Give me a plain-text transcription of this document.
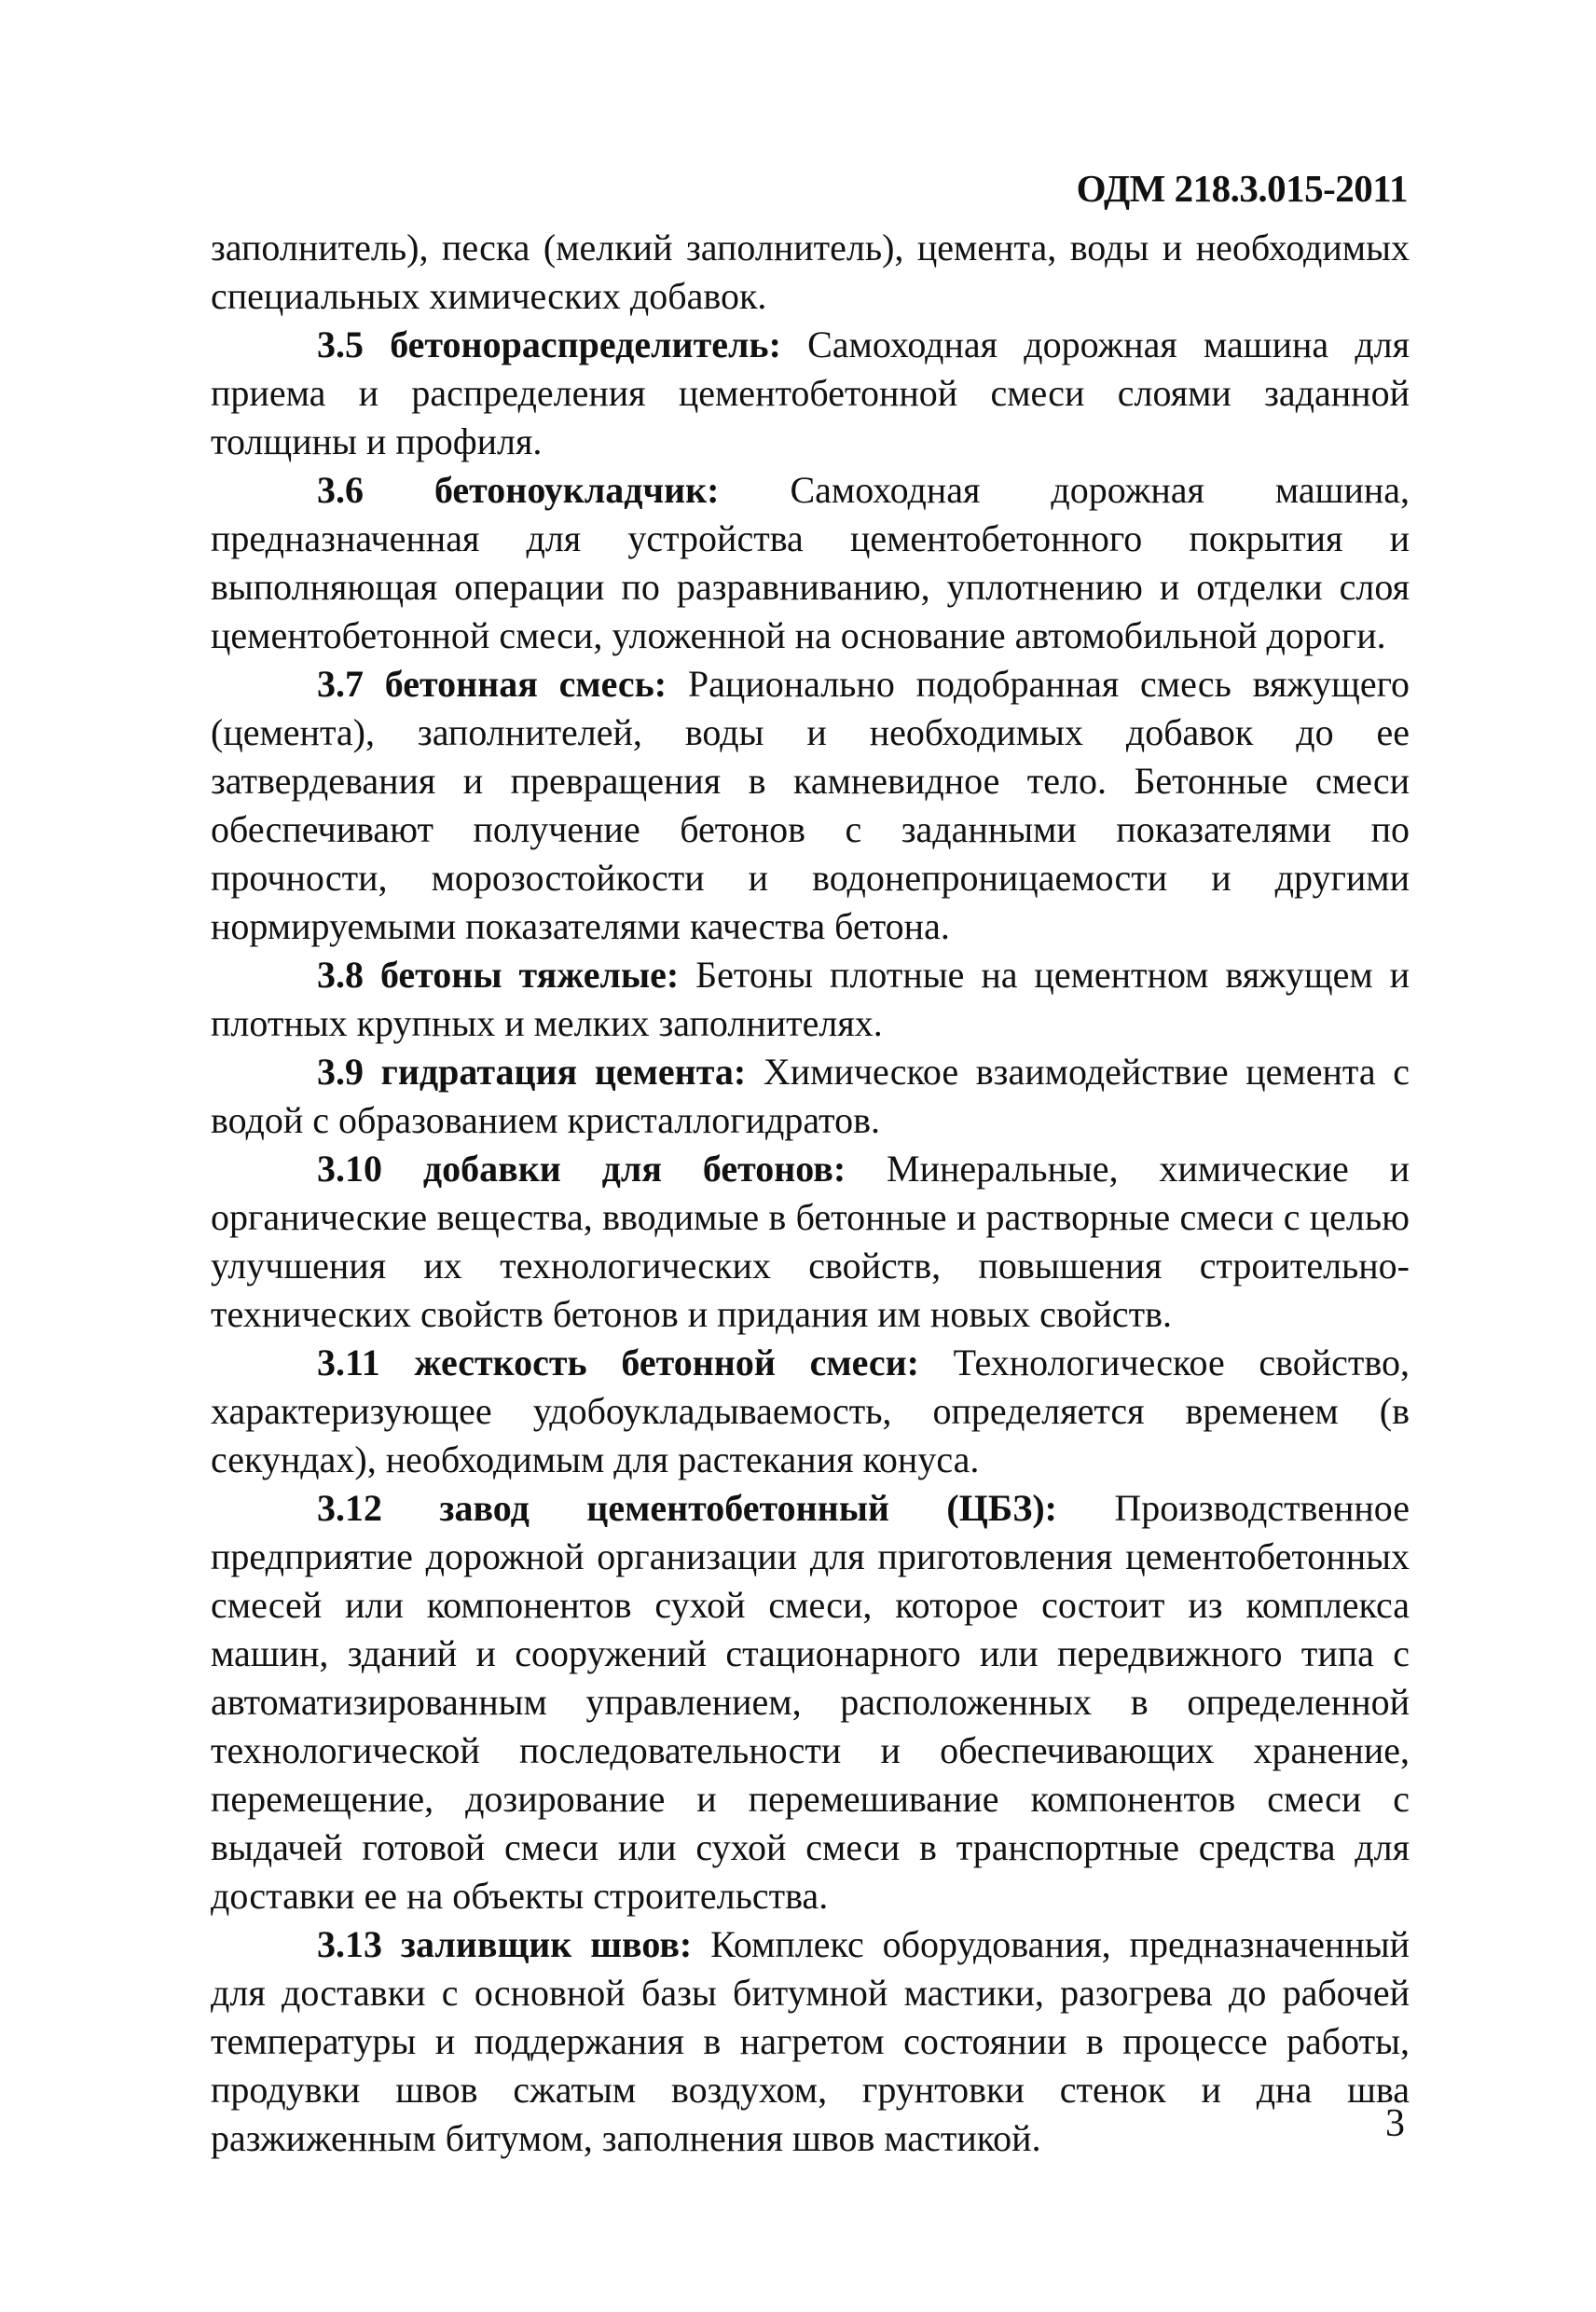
ОДМ 218.3.015-2011

заполнитель), песка (мелкий заполнитель), цемента, воды и необходимых специальных химических добавок.

3.5 бетонораспределитель: Самоходная дорожная машина для приема и распределения цементобетонной смеси слоями заданной толщины и профиля.

3.6 бетоноукладчик: Самоходная дорожная машина, предназначенная для устройства цементобетонного покрытия и выполняющая операции по разравниванию, уплотнению и отделки слоя цементобетонной смеси, уложенной на основание автомобильной дороги.

3.7 бетонная смесь: Рационально подобранная смесь вяжущего (цемента), заполнителей, воды и необходимых добавок до ее затвердевания и превращения в камневидное тело. Бетонные смеси обеспечивают получение бетонов с заданными показателями по прочности, морозостойкости и водонепроницаемости и другими нормируемыми показателями качества бетона.

3.8 бетоны тяжелые: Бетоны плотные на цементном вяжущем и плотных крупных и мелких заполнителях.

3.9 гидратация цемента: Химическое взаимодействие цемента с водой с образованием кристаллогидратов.

3.10 добавки для бетонов: Минеральные, химические и органические вещества, вводимые в бетонные и растворные смеси с целью улучшения их технологических свойств, повышения строительно-технических свойств бетонов и придания им новых свойств.

3.11 жесткость бетонной смеси: Технологическое свойство, характеризующее удобоукладываемость, определяется временем (в секундах), необходимым для растекания конуса.

3.12 завод цементобетонный (ЦБЗ): Производственное предприятие дорожной организации для приготовления цементобетонных смесей или компонентов сухой смеси, которое состоит из комплекса машин, зданий и сооружений стационарного или передвижного типа с автоматизированным управлением, расположенных в определенной технологической последовательности и обеспечивающих хранение, перемещение, дозирование и перемешивание компонентов смеси с выдачей готовой смеси или сухой смеси в транспортные средства для доставки ее на объекты строительства.

3.13 заливщик швов: Комплекс оборудования, предназначенный для доставки с основной базы битумной мастики, разогрева до рабочей температуры и поддержания в нагретом состоянии в процессе работы, продувки швов сжатым воздухом, грунтовки стенок и дна шва разжиженным битумом, заполнения швов мастикой.	3
